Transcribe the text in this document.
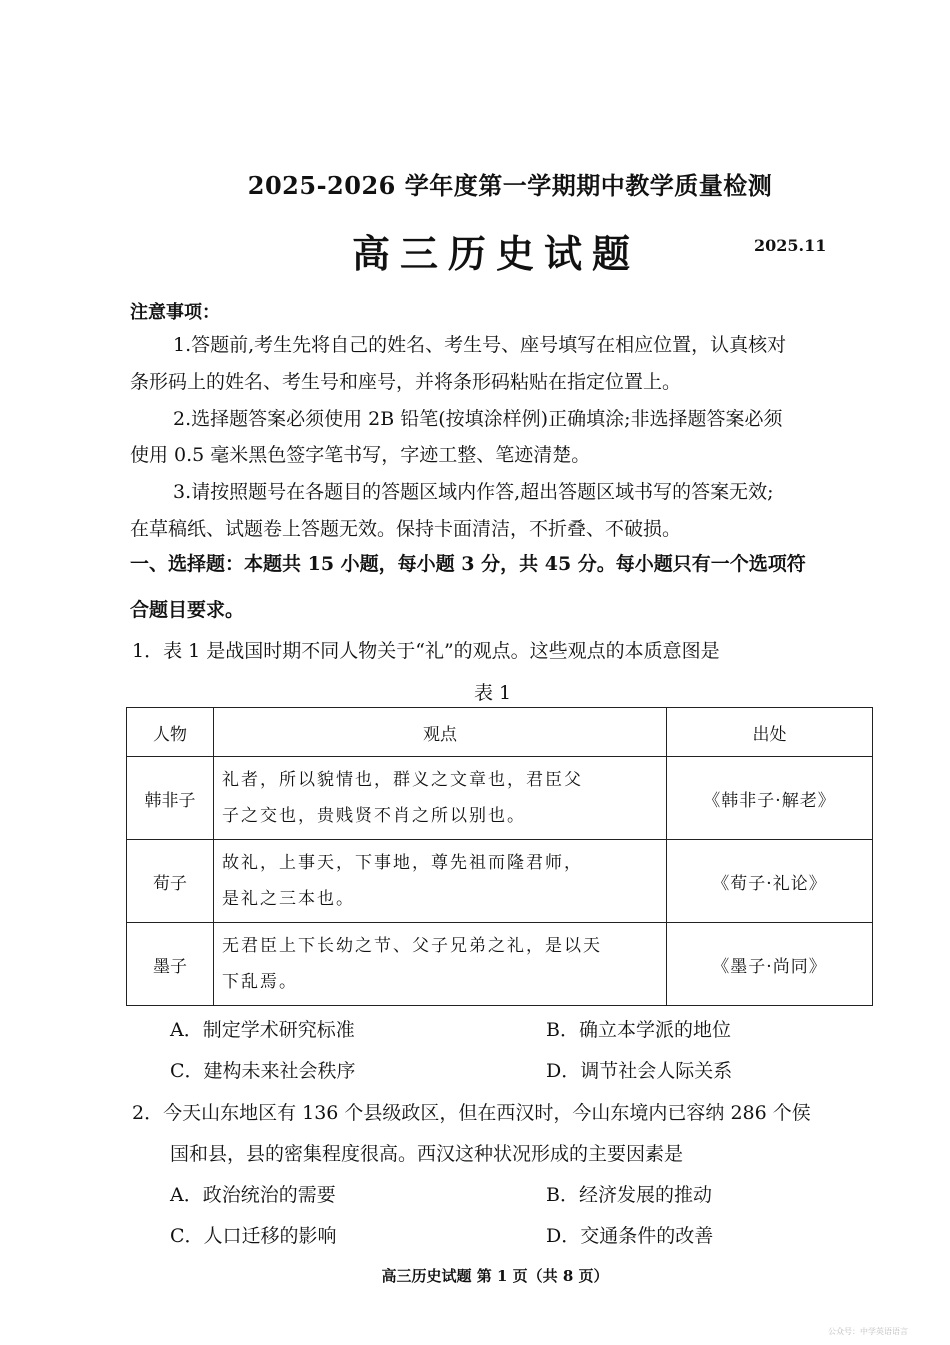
2025-2026 学年度第一学期期中教学质量检测
高三历史试题	2025.11
注意事项：
1.答题前,考生先将自己的姓名、考生号、座号填写在相应位置，认真核对
条形码上的姓名、考生号和座号，并将条形码粘贴在指定位置上。
2.选择题答案必须使用 2B 铅笔(按填涂样例)正确填涂;非选择题答案必须
使用 0.5 毫米黑色签字笔书写，字迹工整、笔迹清楚。
3.请按照题号在各题目的答题区域内作答,超出答题区域书写的答案无效;
在草稿纸、试题卷上答题无效。保持卡面清洁，不折叠、不破损。
一、选择题：本题共 15 小题，每小题 3 分，共 45 分。每小题只有一个选项符
合题目要求。
1．表 1 是战国时期不同人物关于“礼”的观点。这些观点的本质意图是
表 1
人物	观点	出处
韩非子	礼者，所以貌情也，群义之文章也，君臣父
子之交也，贵贱贤不肖之所以别也。	《韩非子·解老》
荀子	故礼，上事天，下事地，尊先祖而隆君师，
是礼之三本也。	《荀子·礼论》
墨子	无君臣上下长幼之节、父子兄弟之礼，是以天
下乱焉。	《墨子·尚同》
A．制定学术研究标准	B．确立本学派的地位
C．建构未来社会秩序	D．调节社会人际关系
2．今天山东地区有 136 个县级政区，但在西汉时，今山东境内已容纳 286 个侯
国和县，县的密集程度很高。西汉这种状况形成的主要因素是
A．政治统治的需要	B．经济发展的推动
C．人口迁移的影响	D．交通条件的改善
高三历史试题 第 1 页（共 8 页）
公众号：中学英语语言
